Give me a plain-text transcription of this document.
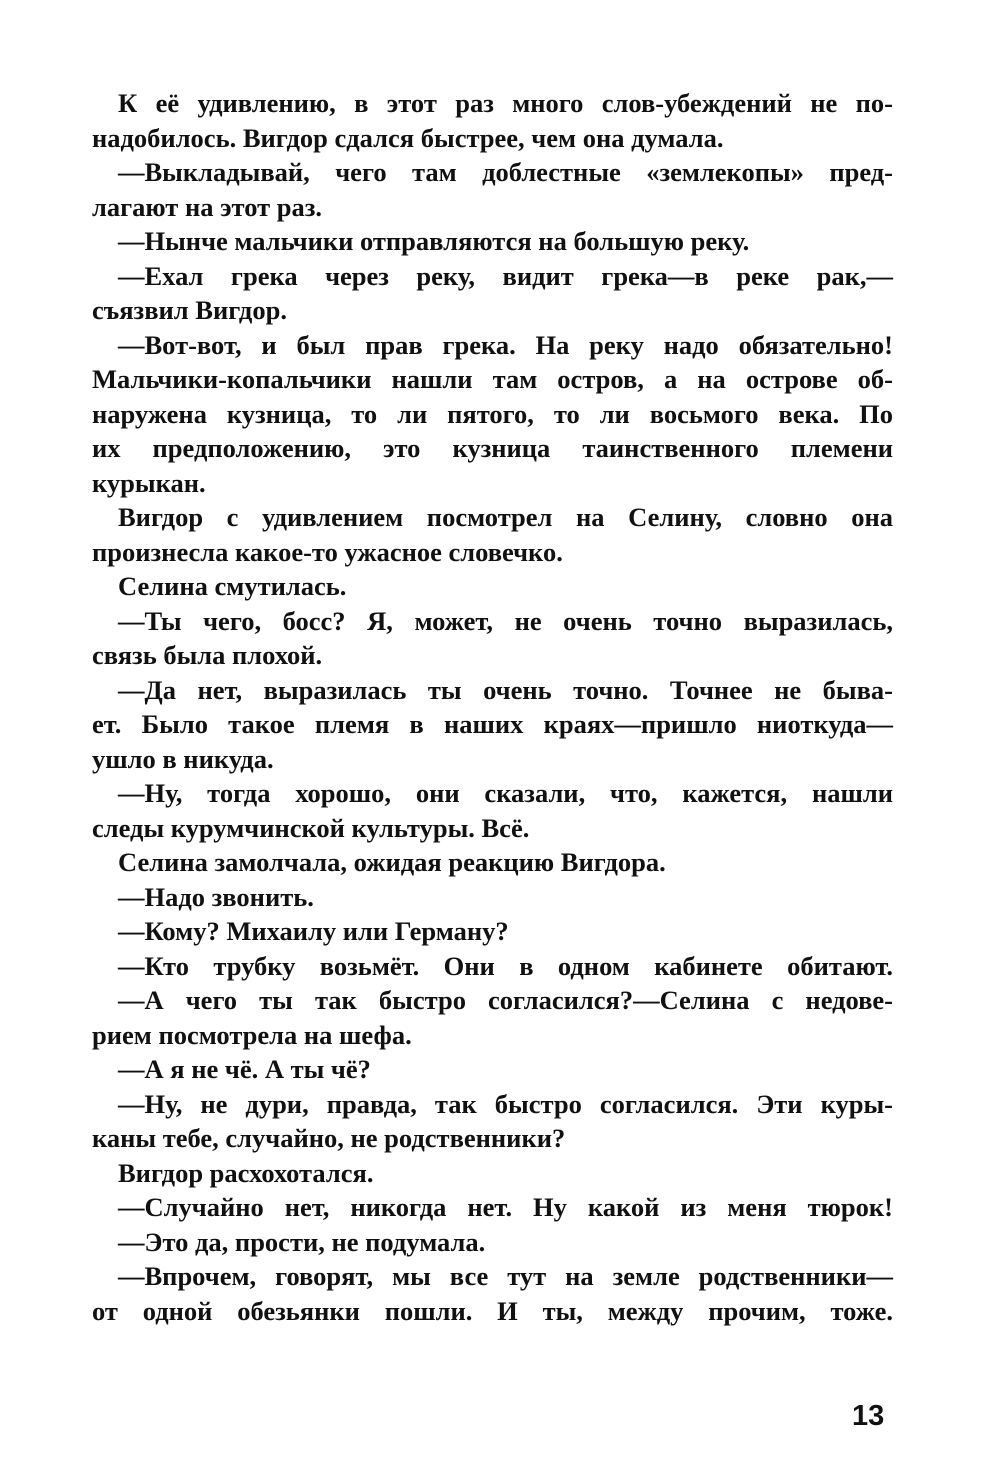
К её удивлению, в этот раз много слов-убеждений не по-
надобилось. Вигдор сдался быстрее, чем она думала.
—Выкладывай, чего там доблестные «землекопы» пред-
лагают на этот раз.
—Нынче мальчики отправляются на большую реку.
—Ехал грека через реку, видит грека—в реке рак,—
съязвил Вигдор.
—Вот-вот, и был прав грека. На реку надо обязательно!
Мальчики-копальчики нашли там остров, а на острове об-
наружена кузница, то ли пятого, то ли восьмого века. По
их предположению, это кузница таинственного племени
курыкан.
Вигдор с удивлением посмотрел на Селину, словно она
произнесла какое-то ужасное словечко.
Селина смутилась.
—Ты чего, босс? Я, может, не очень точно выразилась,
связь была плохой.
—Да нет, выразилась ты очень точно. Точнее не быва-
ет. Было такое племя в наших краях—пришло ниоткуда—
ушло в никуда.
—Ну, тогда хорошо, они сказали, что, кажется, нашли
следы курумчинской культуры. Всё.
Селина замолчала, ожидая реакцию Вигдора.
—Надо звонить.
—Кому? Михаилу или Герману?
—Кто трубку возьмёт. Они в одном кабинете обитают.
—А чего ты так быстро согласился?—Селина с недове-
рием посмотрела на шефа.
—А я не чё. А ты чё?
—Ну, не дури, правда, так быстро согласился. Эти куры-
каны тебе, случайно, не родственники?
Вигдор расхохотался.
—Случайно нет, никогда нет. Ну какой из меня тюрок!
—Это да, прости, не подумала.
—Впрочем, говорят, мы все тут на земле родственники—
от одной обезьянки пошли. И ты, между прочим, тоже.
13
